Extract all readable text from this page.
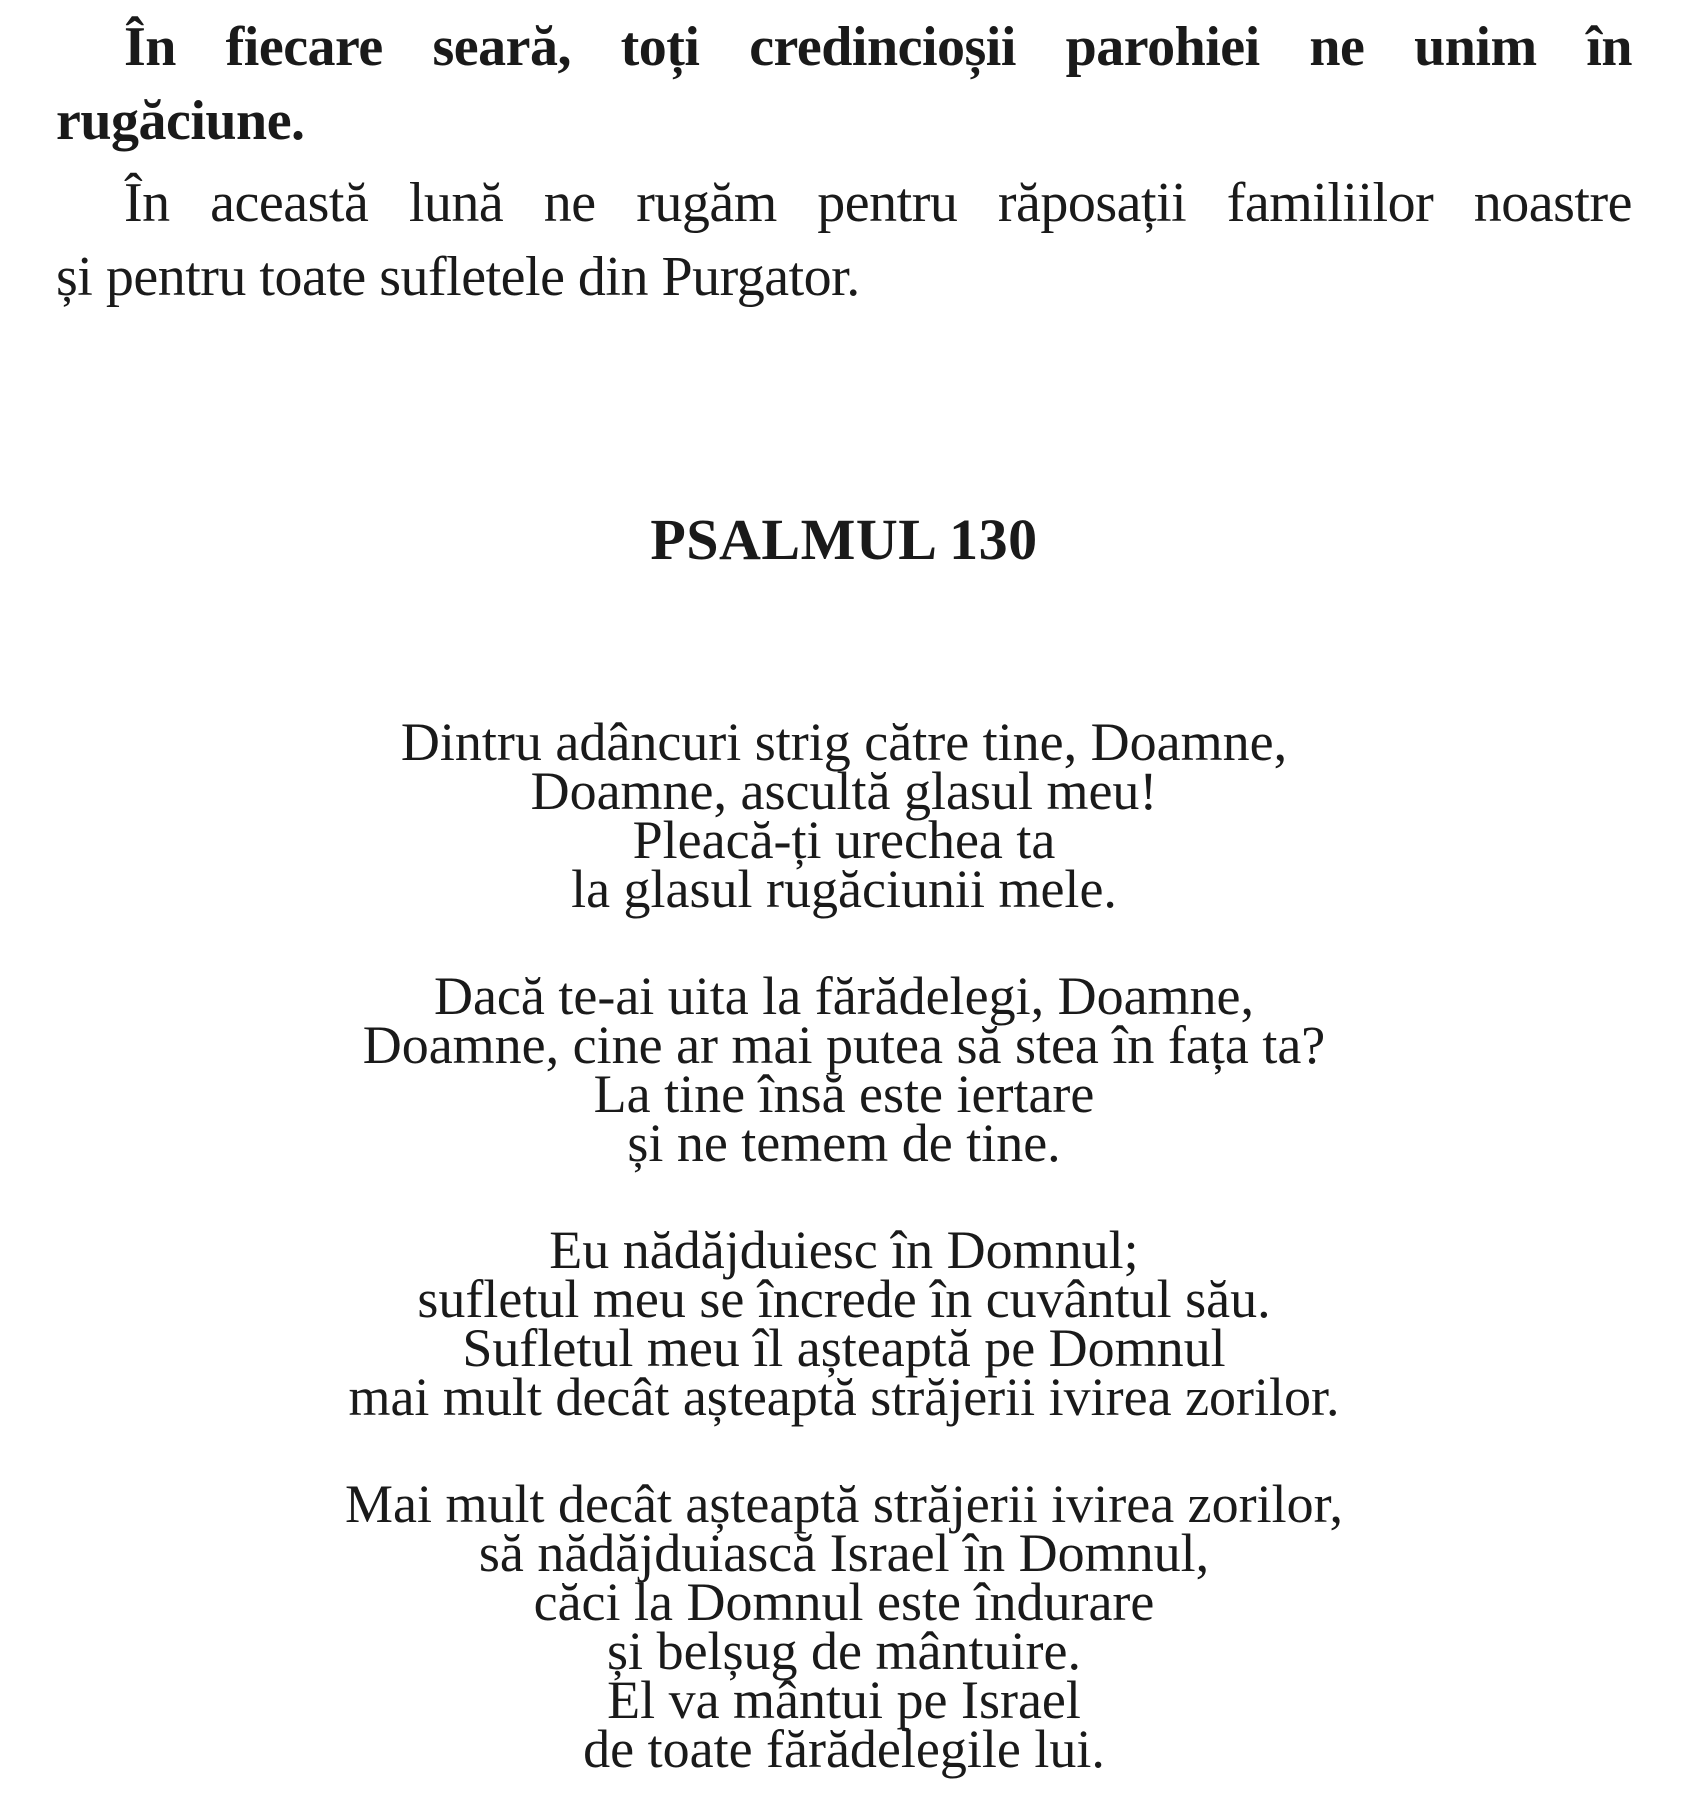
În fiecare seară, toți credincioșii parohiei ne unim în
rugăciune.
În această lună ne rugăm pentru răposații familiilor noastre
și pentru toate sufletele din Purgator.
PSALMUL 130
Dintru adâncuri strig către tine, Doamne,
Doamne, ascultă glasul meu!
Pleacă-ți urechea ta
la glasul rugăciunii mele.
Dacă te-ai uita la fărădelegi, Doamne,
Doamne, cine ar mai putea să stea în fața ta?
La tine însă este iertare
și ne temem de tine.
Eu nădăjduiesc în Domnul;
sufletul meu se încrede în cuvântul său.
Sufletul meu îl așteaptă pe Domnul
mai mult decât așteaptă străjerii ivirea zorilor.
Mai mult decât așteaptă străjerii ivirea zorilor,
să nădăjduiască Israel în Domnul,
căci la Domnul este îndurare
și belșug de mântuire.
El va mântui pe Israel
de toate fărădelegile lui.
